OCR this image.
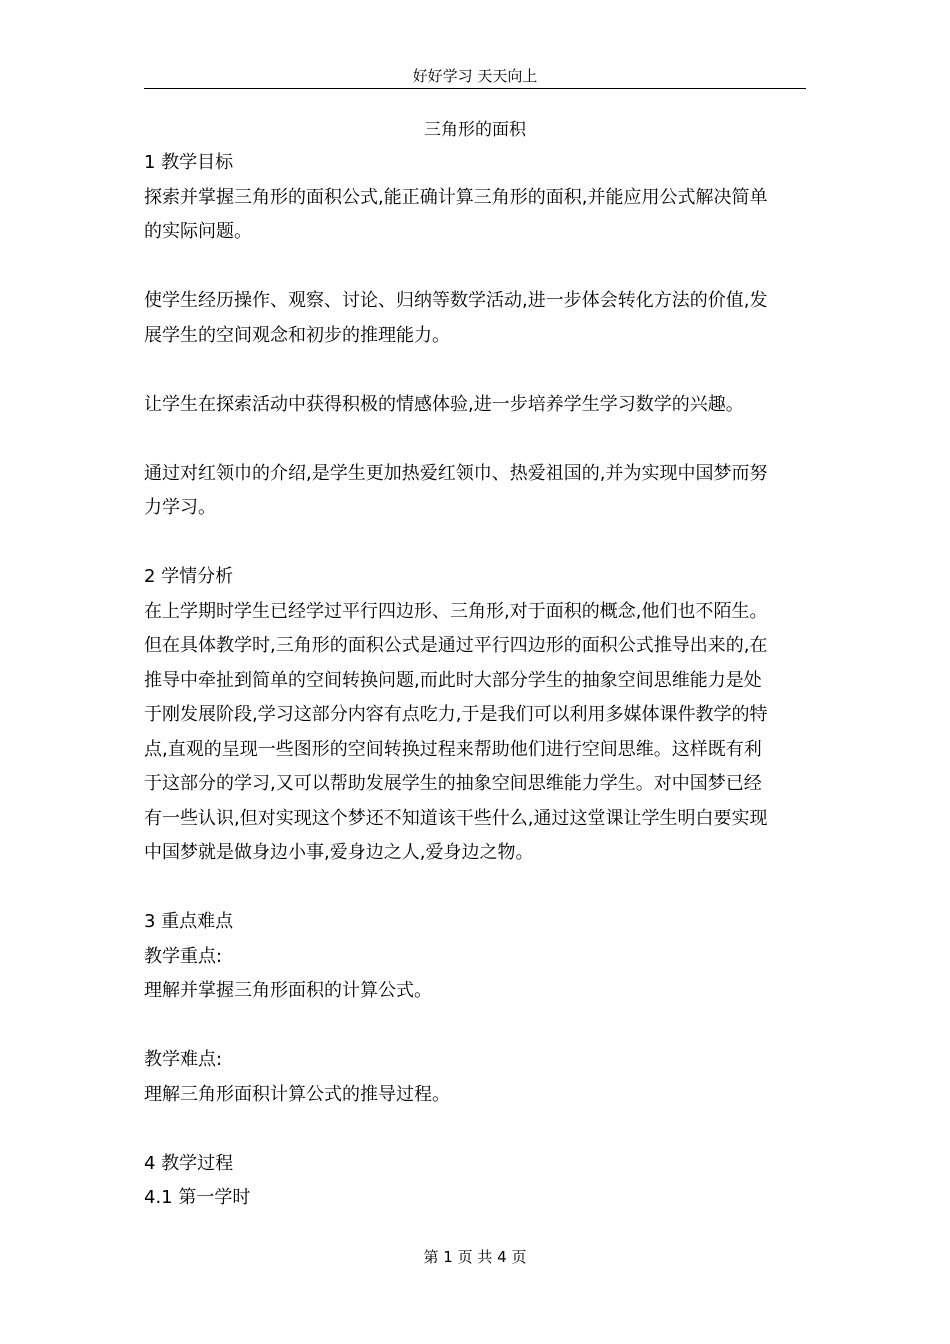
好好学习 天天向上

三角形的面积

1 教学目标

探索并掌握三角形的面积公式,能正确计算三角形的面积,并能应用公式解决简单

的实际问题。

使学生经历操作、观察、讨论、归纳等数学活动,进一步体会转化方法的价值,发

展学生的空间观念和初步的推理能力。

让学生在探索活动中获得积极的情感体验,进一步培养学生学习数学的兴趣。

通过对红领巾的介绍,是学生更加热爱红领巾、热爱祖国的,并为实现中国梦而努

力学习。

2 学情分析

在上学期时学生已经学过平行四边形、三角形,对于面积的概念,他们也不陌生。

但在具体教学时,三角形的面积公式是通过平行四边形的面积公式推导出来的,在

推导中牵扯到简单的空间转换问题,而此时大部分学生的抽象空间思维能力是处

于刚发展阶段,学习这部分内容有点吃力,于是我们可以利用多媒体课件教学的特

点,直观的呈现一些图形的空间转换过程来帮助他们进行空间思维。这样既有利

于这部分的学习,又可以帮助发展学生的抽象空间思维能力学生。对中国梦已经

有一些认识,但对实现这个梦还不知道该干些什么,通过这堂课让学生明白要实现

中国梦就是做身边小事,爱身边之人,爱身边之物。

3 重点难点

教学重点:

理解并掌握三角形面积的计算公式。

教学难点:

理解三角形面积计算公式的推导过程。

4 教学过程

4.1 第一学时

第 1 页 共 4 页
